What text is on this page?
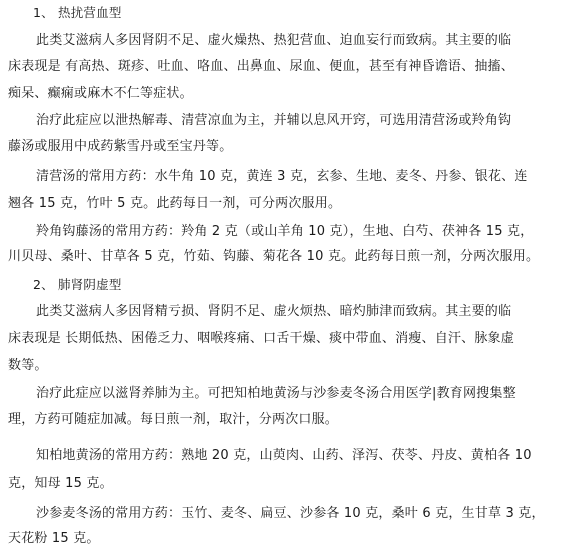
1、 热扰营血型
此类艾滋病人多因肾阴不足、虚火燥热、热犯营血、迫血妄行而致病。其主要的临
床表现是 有高热、斑疹、吐血、咯血、出鼻血、尿血、便血，甚至有神昏谵语、抽搐、
痴呆、癫痫或麻木不仁等症状。
治疗此症应以泄热解毒、清营凉血为主，并辅以息风开窍，可选用清营汤或羚角钩
藤汤或服用中成药紫雪丹或至宝丹等。
清营汤的常用方药：水牛角 10 克，黄连 3 克，玄参、生地、麦冬、丹参、银花、连
翘各 15 克，竹叶 5 克。此药每日一剂，可分两次服用。
羚角钩藤汤的常用方药：羚角 2 克（或山羊角 10 克），生地、白芍、茯神各 15 克，
川贝母、桑叶、甘草各 5 克，竹茹、钩藤、菊花各 10 克。此药每日煎一剂，分两次服用。
2、 肺肾阴虚型
此类艾滋病人多因肾精亏损、肾阴不足、虚火烦热、暗灼肺津而致病。其主要的临
床表现是 长期低热、困倦乏力、咽喉疼痛、口舌干燥、痰中带血、消瘦、自汗、脉象虚
数等。
治疗此症应以滋肾养肺为主。可把知柏地黄汤与沙参麦冬汤合用医学|教育网搜集整
理，方药可随症加减。每日煎一剂，取汁，分两次口服。
知柏地黄汤的常用方药：熟地 20 克，山萸肉、山药、泽泻、茯苓、丹皮、黄柏各 10
克，知母 15 克。
沙参麦冬汤的常用方药：玉竹、麦冬、扁豆、沙参各 10 克，桑叶 6 克，生甘草 3 克，
天花粉 15 克。
